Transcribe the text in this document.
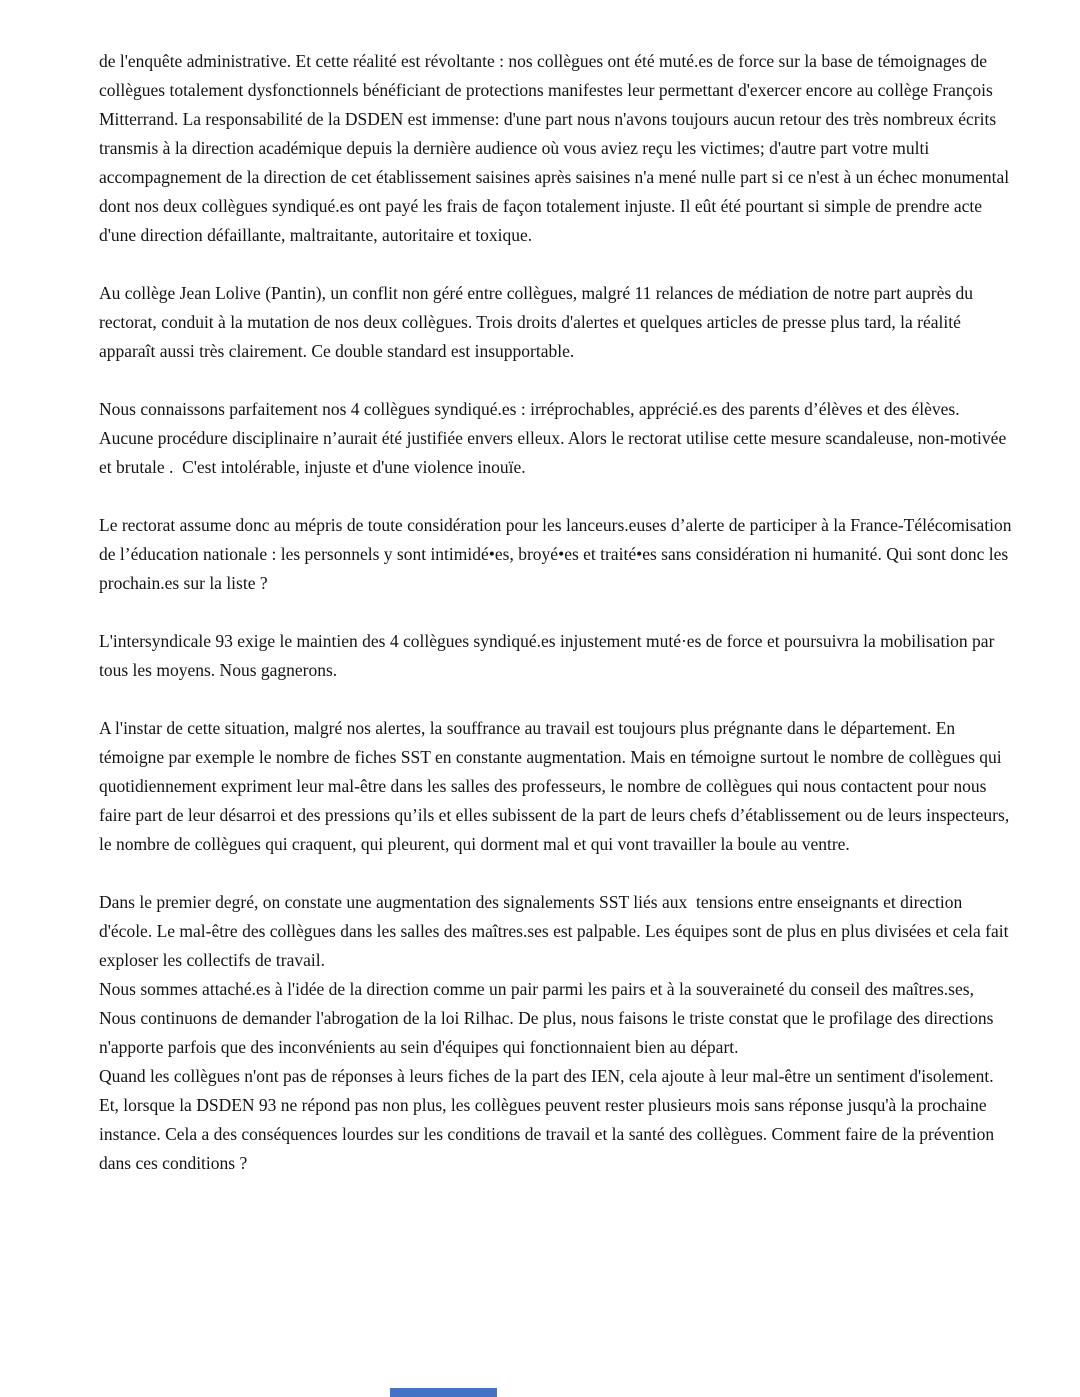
de l'enquête administrative. Et cette réalité est révoltante : nos collègues ont été muté.es de force sur la base de témoignages de collègues totalement dysfonctionnels bénéficiant de protections manifestes leur permettant d'exercer encore au collège François Mitterrand. La responsabilité de la DSDEN est immense: d'une part nous n'avons toujours aucun retour des très nombreux écrits transmis à la direction académique depuis la dernière audience où vous aviez reçu les victimes; d'autre part votre multi accompagnement de la direction de cet établissement saisines après saisines n'a mené nulle part si ce n'est à un échec monumental dont nos deux collègues syndiqué.es ont payé les frais de façon totalement injuste. Il eût été pourtant si simple de prendre acte d'une direction défaillante, maltraitante, autoritaire et toxique.

Au collège Jean Lolive (Pantin), un conflit non géré entre collègues, malgré 11 relances de médiation de notre part auprès du rectorat, conduit à la mutation de nos deux collègues. Trois droits d'alertes et quelques articles de presse plus tard, la réalité apparaît aussi très clairement. Ce double standard est insupportable.

Nous connaissons parfaitement nos 4 collègues syndiqué.es : irréprochables, apprécié.es des parents d’élèves et des élèves. Aucune procédure disciplinaire n’aurait été justifiée envers elleux. Alors le rectorat utilise cette mesure scandaleuse, non-motivée et brutale .  C'est intolérable, injuste et d'une violence inouïe.

Le rectorat assume donc au mépris de toute considération pour les lanceurs.euses d’alerte de participer à la France-Télécomisation de l’éducation nationale : les personnels y sont intimidé•es, broyé•es et traité•es sans considération ni humanité. Qui sont donc les prochain.es sur la liste ?

L'intersyndicale 93 exige le maintien des 4 collègues syndiqué.es injustement muté·es de force et poursuivra la mobilisation par tous les moyens. Nous gagnerons.

A l'instar de cette situation, malgré nos alertes, la souffrance au travail est toujours plus prégnante dans le département. En témoigne par exemple le nombre de fiches SST en constante augmentation. Mais en témoigne surtout le nombre de collègues qui quotidiennement expriment leur mal-être dans les salles des professeurs, le nombre de collègues qui nous contactent pour nous faire part de leur désarroi et des pressions qu’ils et elles subissent de la part de leurs chefs d’établissement ou de leurs inspecteurs, le nombre de collègues qui craquent, qui pleurent, qui dorment mal et qui vont travailler la boule au ventre.

Dans le premier degré, on constate une augmentation des signalements SST liés aux  tensions entre enseignants et direction d'école. Le mal-être des collègues dans les salles des maîtres.ses est palpable. Les équipes sont de plus en plus divisées et cela fait exploser les collectifs de travail.

Nous sommes attaché.es à l'idée de la direction comme un pair parmi les pairs et à la souveraineté du conseil des maîtres.ses, Nous continuons de demander l'abrogation de la loi Rilhac. De plus, nous faisons le triste constat que le profilage des directions n'apporte parfois que des inconvénients au sein d'équipes qui fonctionnaient bien au départ.

Quand les collègues n'ont pas de réponses à leurs fiches de la part des IEN, cela ajoute à leur mal-être un sentiment d'isolement. Et, lorsque la DSDEN 93 ne répond pas non plus, les collègues peuvent rester plusieurs mois sans réponse jusqu'à la prochaine instance. Cela a des conséquences lourdes sur les conditions de travail et la santé des collègues. Comment faire de la prévention dans ces conditions ?
